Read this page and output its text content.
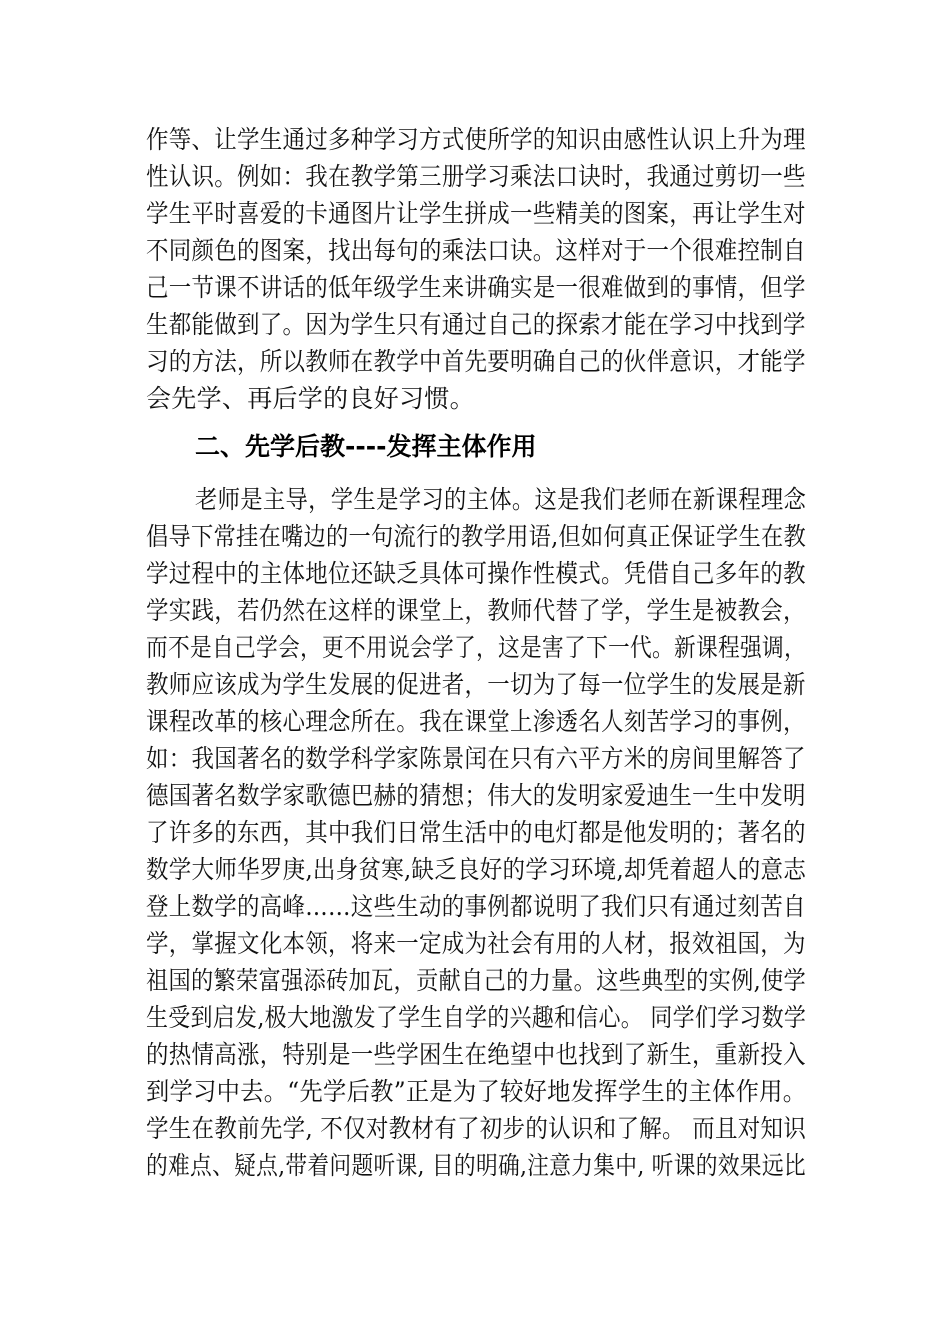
作等、让学生通过多种学习方式使所学的知识由感性认识上升为理
性认识。例如：我在教学第三册学习乘法口诀时，我通过剪切一些
学生平时喜爱的卡通图片让学生拼成一些精美的图案，再让学生对
不同颜色的图案，找出每句的乘法口诀。这样对于一个很难控制自
己一节课不讲话的低年级学生来讲确实是一很难做到的事情，但学
生都能做到了。因为学生只有通过自己的探索才能在学习中找到学
习的方法，所以教师在教学中首先要明确自己的伙伴意识，才能学
会先学、再后学的良好习惯。
二、先学后教----发挥主体作用
老师是主导，学生是学习的主体。这是我们老师在新课程理念
倡导下常挂在嘴边的一句流行的教学用语,但如何真正保证学生在教
学过程中的主体地位还缺乏具体可操作性模式。凭借自己多年的教
学实践，若仍然在这样的课堂上，教师代替了学，学生是被教会，
而不是自己学会，更不用说会学了，这是害了下一代。新课程强调，
教师应该成为学生发展的促进者，一切为了每一位学生的发展是新
课程改革的核心理念所在。我在课堂上渗透名人刻苦学习的事例，
如：我国著名的数学科学家陈景闰在只有六平方米的房间里解答了
德国著名数学家歌德巴赫的猜想；伟大的发明家爱迪生一生中发明
了许多的东西，其中我们日常生活中的电灯都是他发明的；著名的
数学大师华罗庚,出身贫寒,缺乏良好的学习环境,却凭着超人的意志
登上数学的高峰……这些生动的事例都说明了我们只有通过刻苦自
学，掌握文化本领，将来一定成为社会有用的人材，报效祖国，为
祖国的繁荣富强添砖加瓦，贡献自己的力量。这些典型的实例,使学
生受到启发,极大地激发了学生自学的兴趣和信心。 同学们学习数学
的热情高涨，特别是一些学困生在绝望中也找到了新生，重新投入
到学习中去。“先学后教”正是为了较好地发挥学生的主体作用。
学生在教前先学, 不仅对教材有了初步的认识和了解。 而且对知识
的难点、疑点,带着问题听课, 目的明确,注意力集中, 听课的效果远比
